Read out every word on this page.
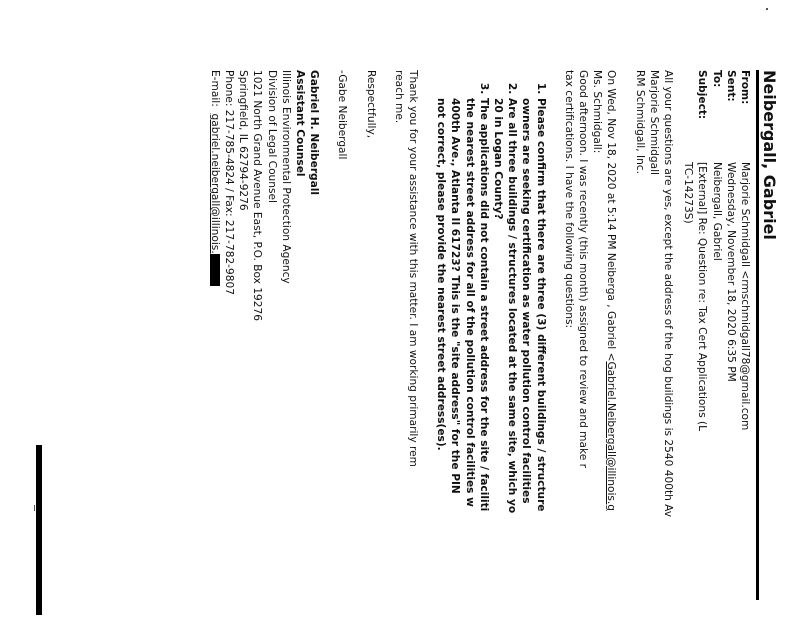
Neibergall, Gabriel
From:
Marjorie Schmidgall <rmschmidgall78@gmail.com
Sent:
Wednesday, November 18, 2020 6:35 PM
To:
Neibergall, Gabriel
Subject:
[External] Re: Question re: Tax Cert Applications (L
TC-14273S)

All your questions are yes, except the address of the hog buildings is 2540 400th Av

Marjorie Schmidgall

RM Schmidgall, Inc.

On Wed, Nov 18, 2020 at 5:14 PM Neiberga , Gabriel <Gabriel.Neibergall@illinois.g

Ms. Schmidgall:

Good afternoon. I was recently (this month) assigned to review and make r

tax certifications. I have the following questions:

1. Please confirm that there are three (3) different buildings / structure
owners are seeking certification as water pollution control facilities
2. Are all three buildings / structures located at the same site, which yo
20 in Logan County?
3. The applications did not contain a street address for the site / faciliti
the nearest street address for all of the pollution control facilities w
400th Ave., Atlanta Il 61723? This is the "site address" for the PIN
not correct, please provide the nearest street address(es).

Thank you for your assistance with this matter. I am working primarily rem

reach me.

Respectfully,

-Gabe Neibergall

Gabriel H. Neibergall

Assistant Counsel

Illinois Environmental Protection Agency

Division of Legal Counsel

1021 North Grand Avenue East, P.O. Box 19276

Springfield, IL 62794-9276

Phone: 217-785-4824 / Fax: 217-782-9807

E-mail:  gabriel.neibergall@illinois.
